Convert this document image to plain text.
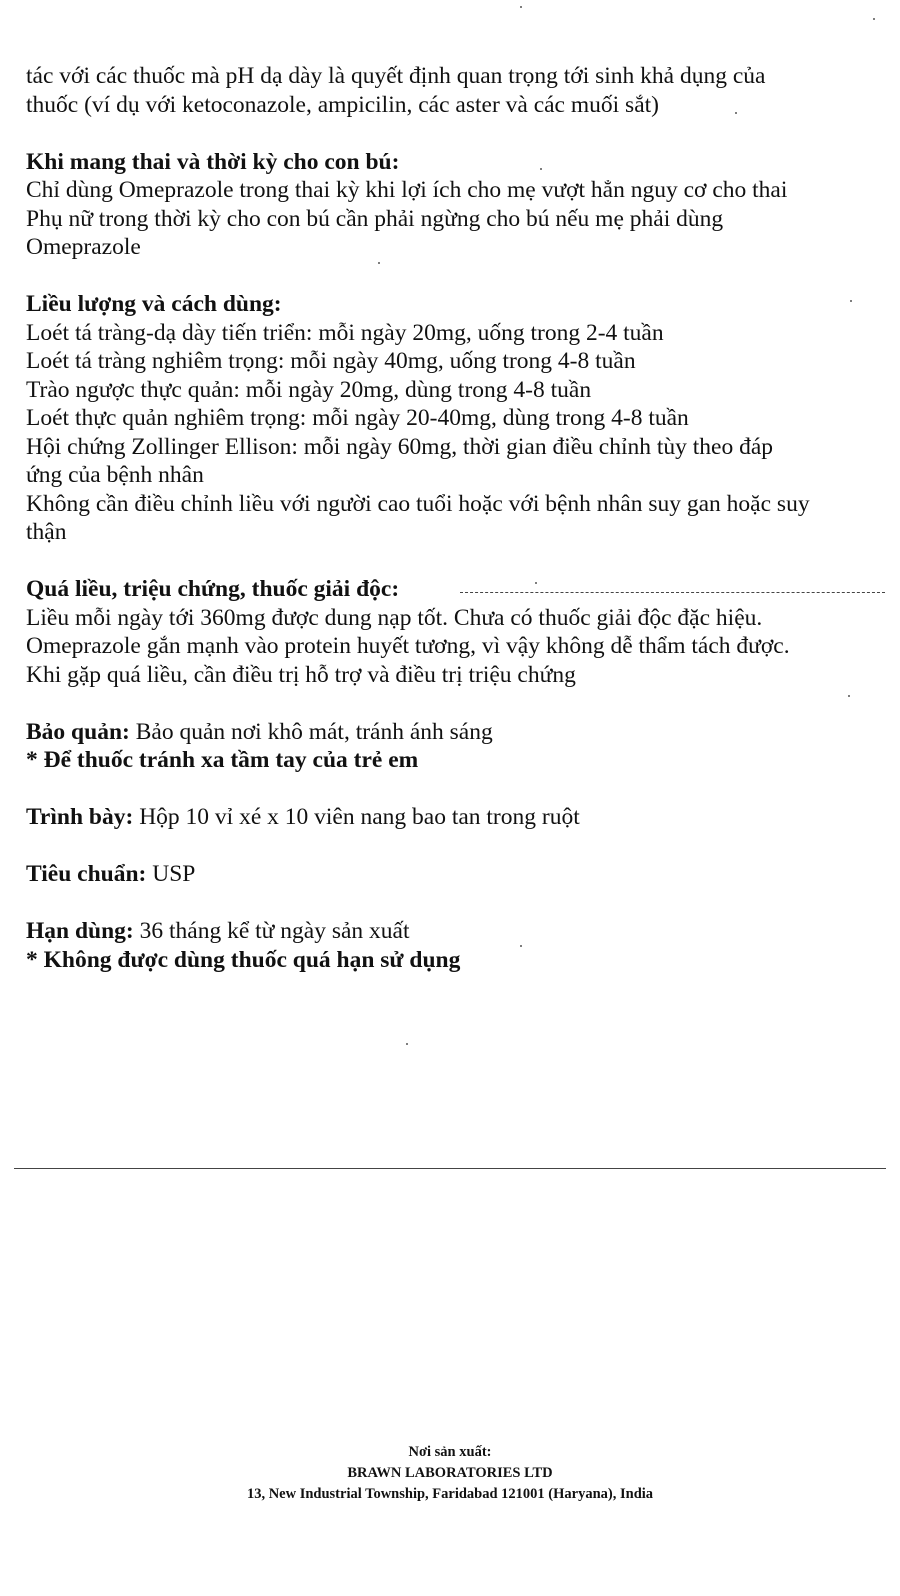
tác với các thuốc mà pH dạ dày là quyết định quan trọng tới sinh khả dụng của
thuốc (ví dụ với ketoconazole, ampicilin, các aster và các muối sắt)
Khi mang thai và thời kỳ cho con bú:
Chỉ dùng Omeprazole trong thai kỳ khi lợi ích cho mẹ vượt hẳn nguy cơ cho thai
Phụ nữ trong thời kỳ cho con bú cần phải ngừng cho bú nếu mẹ phải dùng
Omeprazole
Liều lượng và cách dùng:
Loét tá tràng-dạ dày tiến triển: mỗi ngày 20mg, uống trong 2-4 tuần
Loét tá tràng nghiêm trọng: mỗi ngày 40mg, uống trong 4-8 tuần
Trào ngược thực quản: mỗi ngày 20mg, dùng trong 4-8 tuần
Loét thực quản nghiêm trọng: mỗi ngày 20-40mg, dùng trong 4-8 tuần
Hội chứng Zollinger Ellison: mỗi ngày 60mg, thời gian điều chỉnh tùy theo đáp
ứng của bệnh nhân
Không cần điều chỉnh liều với người cao tuổi hoặc với bệnh nhân suy gan hoặc suy
thận
Quá liều, triệu chứng, thuốc giải độc:
Liều mỗi ngày tới 360mg được dung nạp tốt. Chưa có thuốc giải độc đặc hiệu.
Omeprazole gắn mạnh vào protein huyết tương, vì vậy không dễ thẩm tách được.
Khi gặp quá liều, cần điều trị hỗ trợ và điều trị triệu chứng
Bảo quản: Bảo quản nơi khô mát, tránh ánh sáng
* Để thuốc tránh xa tầm tay của trẻ em
Trình bày: Hộp 10 vỉ xé x 10 viên nang bao tan trong ruột
Tiêu chuẩn: USP
Hạn dùng: 36 tháng kể từ ngày sản xuất
* Không được dùng thuốc quá hạn sử dụng
Nơi sản xuất:
BRAWN LABORATORIES LTD
13, New Industrial Township, Faridabad 121001 (Haryana), India
